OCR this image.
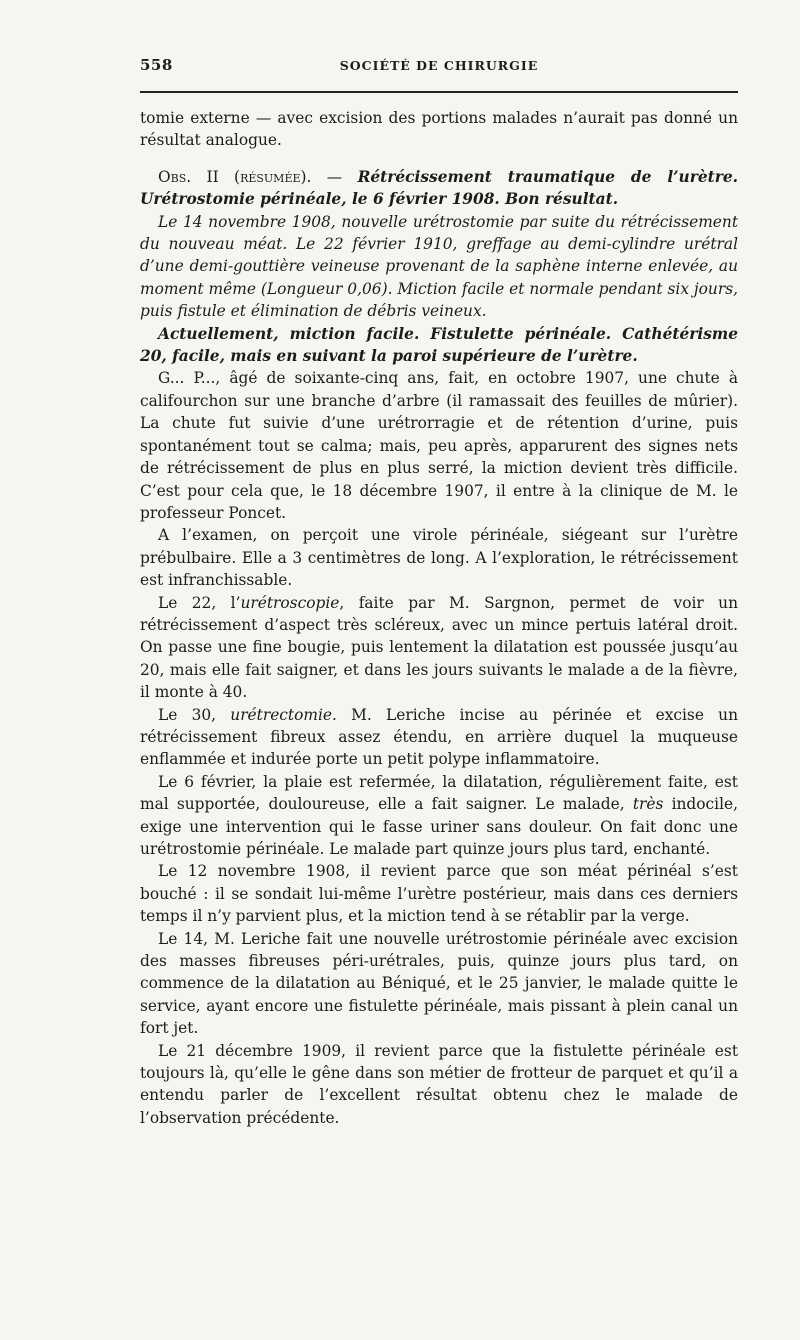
558	SOCIÉTÉ DE CHIRURGIE

tomie externe — avec excision des portions malades n’aurait pas donné un résultat analogue.

Obs. II (résumée). — Rétrécissement traumatique de l’urètre. Urétrostomie périnéale, le 6 février 1908. Bon résultat.

Le 14 novembre 1908, nouvelle urétrostomie par suite du rétrécissement du nouveau méat. Le 22 février 1910, greffage au demi-cylindre urétral d’une demi-gouttière veineuse provenant de la saphène interne enlevée, au moment même (Longueur 0,06). Miction facile et normale pendant six jours, puis fistule et élimination de débris veineux.

Actuellement, miction facile. Fistulette périnéale. Cathétérisme 20, facile, mais en suivant la paroi supérieure de l’urètre.

G... P..., âgé de soixante-cinq ans, fait, en octobre 1907, une chute à califourchon sur une branche d’arbre (il ramassait des feuilles de mûrier). La chute fut suivie d’une urétrorragie et de rétention d’urine, puis spontanément tout se calma; mais, peu après, apparurent des signes nets de rétrécissement de plus en plus serré, la miction devient très difficile. C’est pour cela que, le 18 décembre 1907, il entre à la clinique de M. le professeur Poncet.

A l’examen, on perçoit une virole périnéale, siégeant sur l’urètre prébulbaire. Elle a 3 centimètres de long. A l’exploration, le rétrécissement est infranchissable.

Le 22, l’urétroscopie, faite par M. Sargnon, permet de voir un rétrécissement d’aspect très scléreux, avec un mince pertuis latéral droit. On passe une fine bougie, puis lentement la dilatation est poussée jusqu’au 20, mais elle fait saigner, et dans les jours suivants le malade a de la fièvre, il monte à 40.

Le 30, urétrectomie. M. Leriche incise au périnée et excise un rétrécissement fibreux assez étendu, en arrière duquel la muqueuse enflammée et indurée porte un petit polype inflammatoire.

Le 6 février, la plaie est refermée, la dilatation, régulièrement faite, est mal supportée, douloureuse, elle a fait saigner. Le malade, très indocile, exige une intervention qui le fasse uriner sans douleur. On fait donc une urétrostomie périnéale. Le malade part quinze jours plus tard, enchanté.

Le 12 novembre 1908, il revient parce que son méat périnéal s’est bouché : il se sondait lui-même l’urètre postérieur, mais dans ces derniers temps il n’y parvient plus, et la miction tend à se rétablir par la verge.

Le 14, M. Leriche fait une nouvelle urétrostomie périnéale avec excision des masses fibreuses péri-urétrales, puis, quinze jours plus tard, on commence de la dilatation au Béniqué, et le 25 janvier, le malade quitte le service, ayant encore une fistulette périnéale, mais pissant à plein canal un fort jet.

Le 21 décembre 1909, il revient parce que la fistulette périnéale est toujours là, qu’elle le gêne dans son métier de frotteur de parquet et qu’il a entendu parler de l’excellent résultat obtenu chez le malade de l’observation précédente.
